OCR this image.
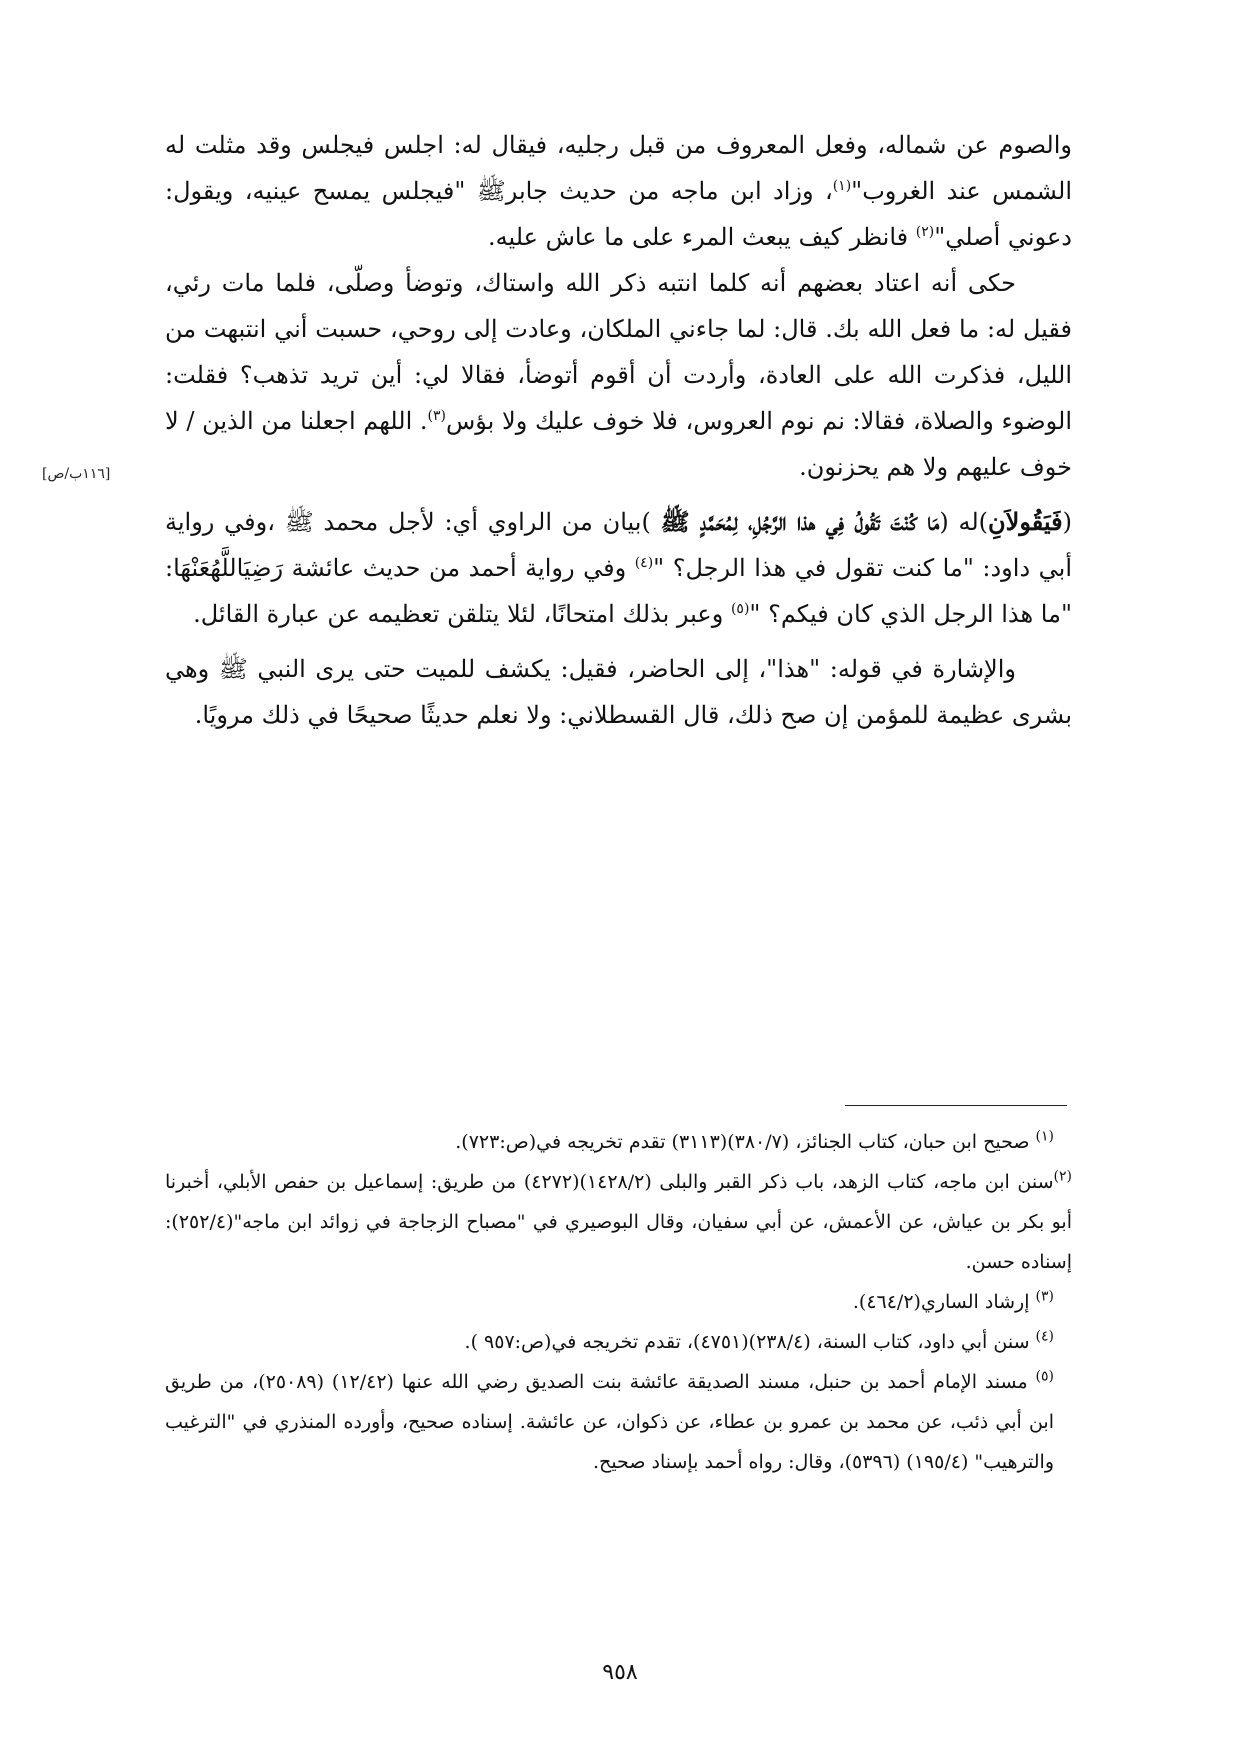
والصوم عن شماله، وفعل المعروف من قبل رجليه، فيقال له: اجلس فيجلس وقد مثلت له الشمس عند الغروب"$^{(١)}$، وزاد ابن ماجه من حديث جابرﷺ "فيجلس يمسح عينيه، ويقول: دعوني أصلي"$^{(٢)}$ فانظر كيف يبعث المرء على ما عاش عليه.

حكى أنه اعتاد بعضهم أنه كلما انتبه ذكر الله واستاك، وتوضأ وصلّى، فلما مات رئي، فقيل له: ما فعل الله بك. قال: لما جاءني الملكان، وعادت إلى روحي، حسبت أني انتبهت من الليل، فذكرت الله على العادة، وأردت أن أقوم أتوضأ، فقالا لي: أين تريد تذهب؟ فقلت: الوضوء والصلاة، فقالا: نم نوم العروس، فلا خوف عليك ولا بؤس$^{(٣)}$. اللهم اجعلنا من الذين / لا خوف عليهم ولا هم يحزنون.

(فَيَقُولاَنِ)له (مَا كُنْتَ تَقُولُ فِي هذا الرَّجُلِ، لِمُحَمَّدٍ ﷺ )بيان من الراوي أي: لأجل محمد ﷺ ،وفي رواية أبي داود: "ما كنت تقول في هذا الرجل؟ "$^{(٤)}$ وفي رواية أحمد من حديث عائشة رَضِيَاللَّهُعَنْهَا: "ما هذا الرجل الذي كان فيكم؟ "$^{(٥)}$ وعبر بذلك امتحانًا، لئلا يتلقن تعظيمه عن عبارة القائل.

والإشارة في قوله: "هذا"، إلى الحاضر، فقيل: يكشف للميت حتى يرى النبي ﷺ وهي بشرى عظيمة للمؤمن إن صح ذلك، قال القسطلاني: ولا نعلم حديثًا صحيحًا في ذلك مرويًا.

[١١٦ب/ص]

$^{(١)}$ صحيح ابن حبان، كتاب الجنائز، (٣٨٠/٧)(٣١١٣) تقدم تخريجه في(ص:٧٢٣).

$^{(٢)}$سنن ابن ماجه، كتاب الزهد، باب ذكر القبر والبلى (١٤٢٨/٢)(٤٢٧٢) من طريق: إسماعيل بن حفص الأبلي، أخبرنا أبو بكر بن عياش، عن الأعمش، عن أبي سفيان، وقال البوصيري في "مصباح الزجاجة في زوائد ابن ماجه"(٢٥٢/٤): إسناده حسن.

$^{(٣)}$ إرشاد الساري(٤٦٤/٢).

$^{(٤)}$ سنن أبي داود، كتاب السنة، (٢٣٨/٤)(٤٧٥١)، تقدم تخريجه في(ص:٩٥٧ ).

$^{(٥)}$ مسند الإمام أحمد بن حنبل، مسند الصديقة عائشة بنت الصديق رضي الله عنها (١٢/٤٢) (٢٥٠٨٩)، من طريق ابن أبي ذئب، عن محمد بن عمرو بن عطاء، عن ذكوان، عن عائشة. إسناده صحيح، وأورده المنذري في "الترغيب والترهيب" (١٩٥/٤) (٥٣٩٦)، وقال: رواه أحمد بإسناد صحيح.

٩٥٨
